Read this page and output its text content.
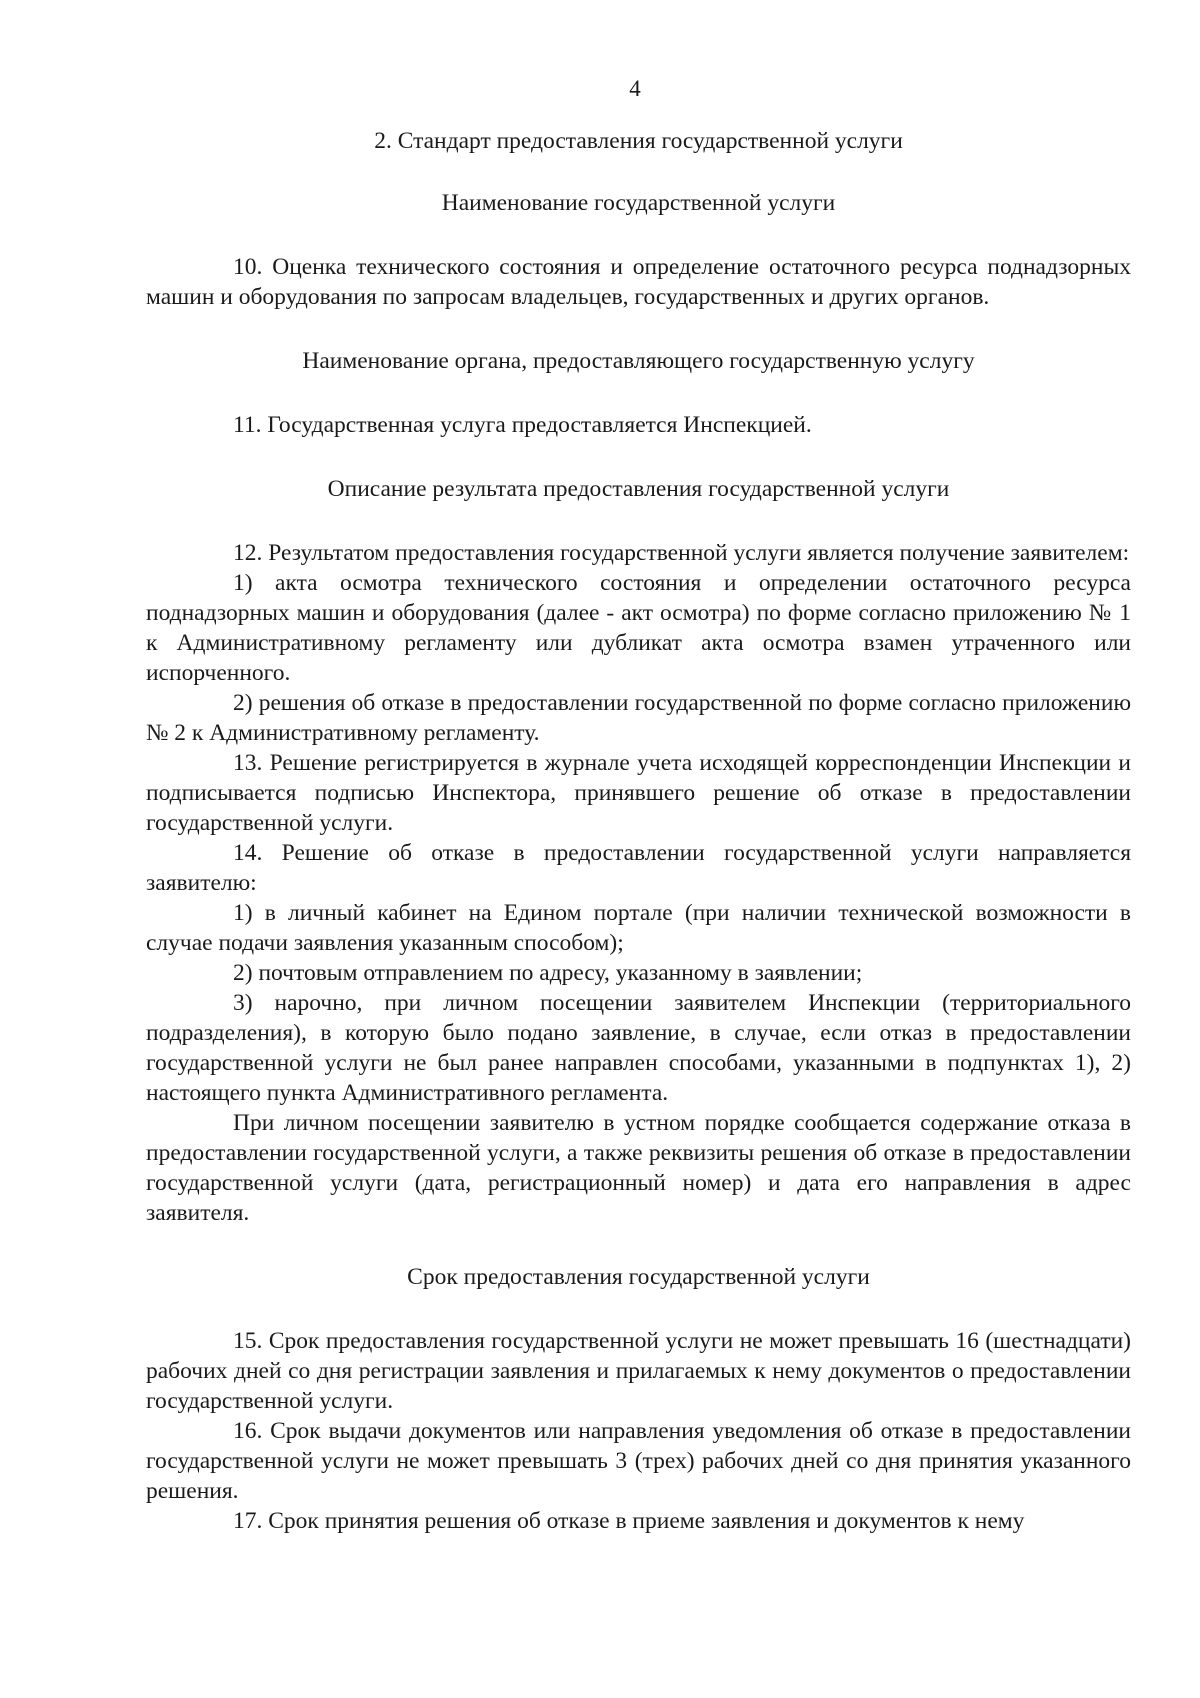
4

2. Стандарт предоставления государственной услуги

Наименование государственной услуги

10. Оценка технического состояния и определение остаточного ресурса поднадзорных машин и оборудования по запросам владельцев, государственных и других органов.

Наименование органа, предоставляющего государственную услугу

11. Государственная услуга предоставляется Инспекцией.

Описание результата предоставления государственной услуги

12. Результатом предоставления государственной услуги является получение заявителем:

1) акта осмотра технического состояния и определении остаточного ресурса поднадзорных машин и оборудования (далее - акт осмотра) по форме согласно приложению № 1 к Административному регламенту или дубликат акта осмотра взамен утраченного или испорченного.

2) решения об отказе в предоставлении государственной по форме согласно приложению № 2 к Административному регламенту.

13. Решение регистрируется в журнале учета исходящей корреспонденции Инспекции и подписывается подписью Инспектора, принявшего решение об отказе в предоставлении государственной услуги.

14. Решение об отказе в предоставлении государственной услуги направляется заявителю:

1) в личный кабинет на Едином портале (при наличии технической возможности в случае подачи заявления указанным способом);

2) почтовым отправлением по адресу, указанному в заявлении;

3) нарочно, при личном посещении заявителем Инспекции (территориального подразделения), в которую было подано заявление, в случае, если отказ в предоставлении государственной услуги не был ранее направлен способами, указанными в подпунктах 1), 2) настоящего пункта Административного регламента.

При личном посещении заявителю в устном порядке сообщается содержание отказа в предоставлении государственной услуги, а также реквизиты решения об отказе в предоставлении государственной услуги (дата, регистрационный номер) и дата его направления в адрес заявителя.

Срок предоставления государственной услуги

15. Срок предоставления государственной услуги не может превышать 16 (шестнадцати) рабочих дней со дня регистрации заявления и прилагаемых к нему документов о предоставлении государственной услуги.

16. Срок выдачи документов или направления уведомления об отказе в предоставлении государственной услуги не может превышать 3 (трех) рабочих дней со дня принятия указанного решения.

17. Срок принятия решения об отказе в приеме заявления и документов к нему
